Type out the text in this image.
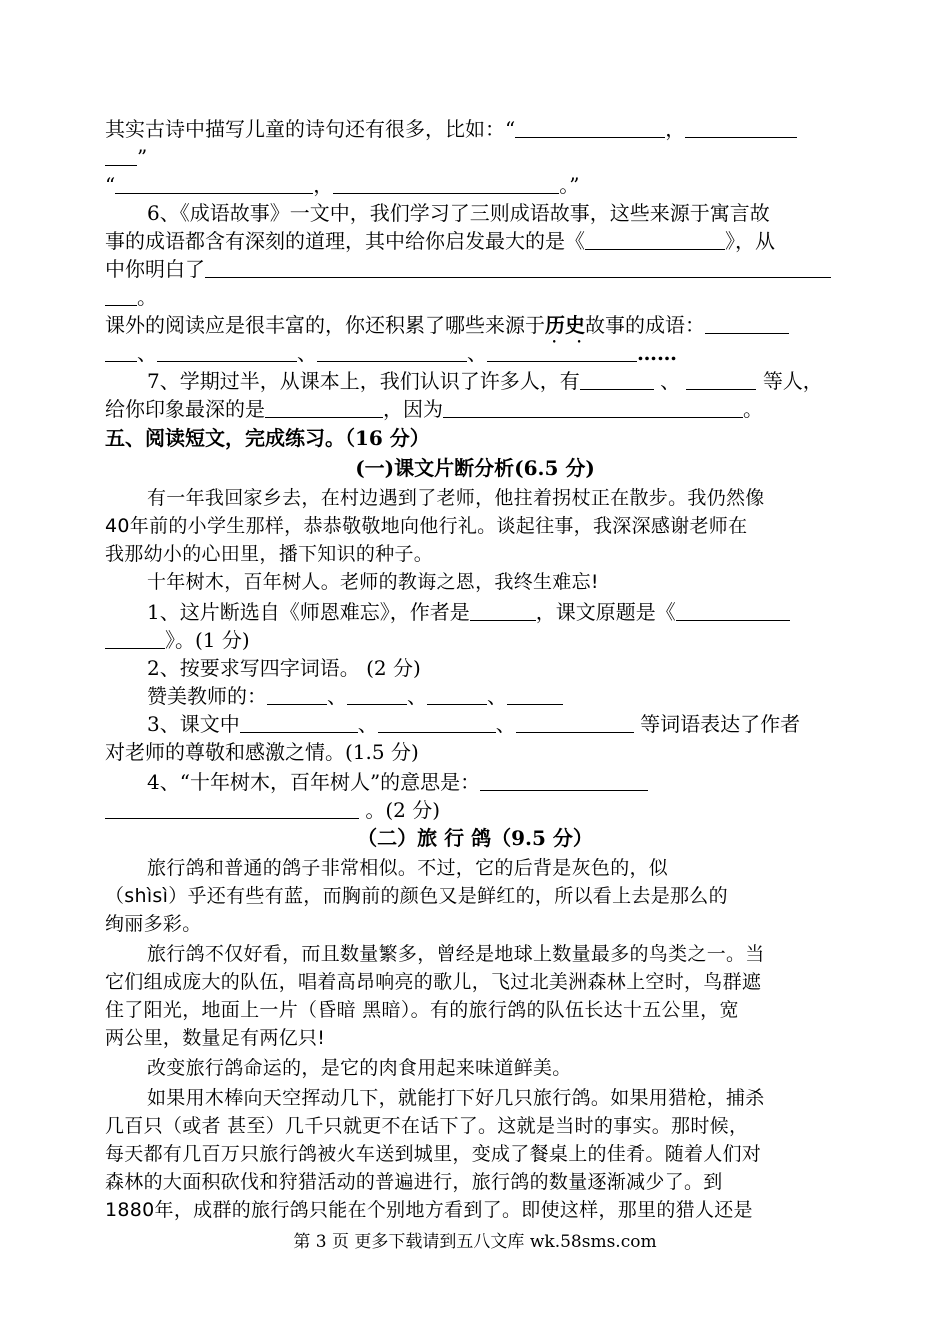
其实古诗中描写儿童的诗句还有很多，比如：“	，
”
“	，	。”
6、《成语故事》一文中，我们学习了三则成语故事，这些来源于寓言故
事的成语都含有深刻的道理，其中给你启发最大的是《	》，从
中你明白了
。
课外的阅读应是很丰富的，你还积累了哪些来源于历史 • •故事的成语：
、	、	、	……
7、学期过半，从课本上，我们认识了许多人，有	、	等人，
给你印象最深的是	，因为	。
五、阅读短文，完成练习。（16 分）
(一)课文片断分析(6.5 分)
有一年我回家乡去，在村边遇到了老师，他拄着拐杖正在散步。我仍然像
40年前的小学生那样，恭恭敬敬地向他行礼。谈起往事，我深深感谢老师在
我那幼小的心田里，播下知识的种子。
十年树木，百年树人。老师的教诲之恩，我终生难忘!
1、这片断选自《师恩难忘》，作者是	，课文原题是《
》。(1 分)
2、按要求写四字词语。 (2 分)
赞美教师的：	、	、	、
3、课文中	、	、	等词语表达了作者
对老师的尊敬和感激之情。(1.5 分)
4、“十年树木，百年树人”的意思是：
。(2 分)
（二）旅 行 鸽（9.5 分）
旅行鸽和普通的鸽子非常相似。不过，它的后背是灰色的，似
（shìsì）乎还有些有蓝，而胸前的颜色又是鲜红的，所以看上去是那么的
绚丽多彩。
旅行鸽不仅好看，而且数量繁多，曾经是地球上数量最多的鸟类之一。当
它们组成庞大的队伍，唱着高昂响亮的歌儿，飞过北美洲森林上空时，鸟群遮
住了阳光，地面上一片（昏暗 黑暗）。有的旅行鸽的队伍长达十五公里，宽
两公里，数量足有两亿只!
改变旅行鸽命运的，是它的肉食用起来味道鲜美。
如果用木棒向天空挥动几下，就能打下好几只旅行鸽。如果用猎枪，捕杀
几百只（或者 甚至）几千只就更不在话下了。这就是当时的事实。那时候，
每天都有几百万只旅行鸽被火车送到城里，变成了餐桌上的佳肴。随着人们对
森林的大面积砍伐和狩猎活动的普遍进行，旅行鸽的数量逐渐减少了。到
1880年，成群的旅行鸽只能在个别地方看到了。即使这样，那里的猎人还是
第 3 页 更多下载请到五八文库 wk.58sms.com
